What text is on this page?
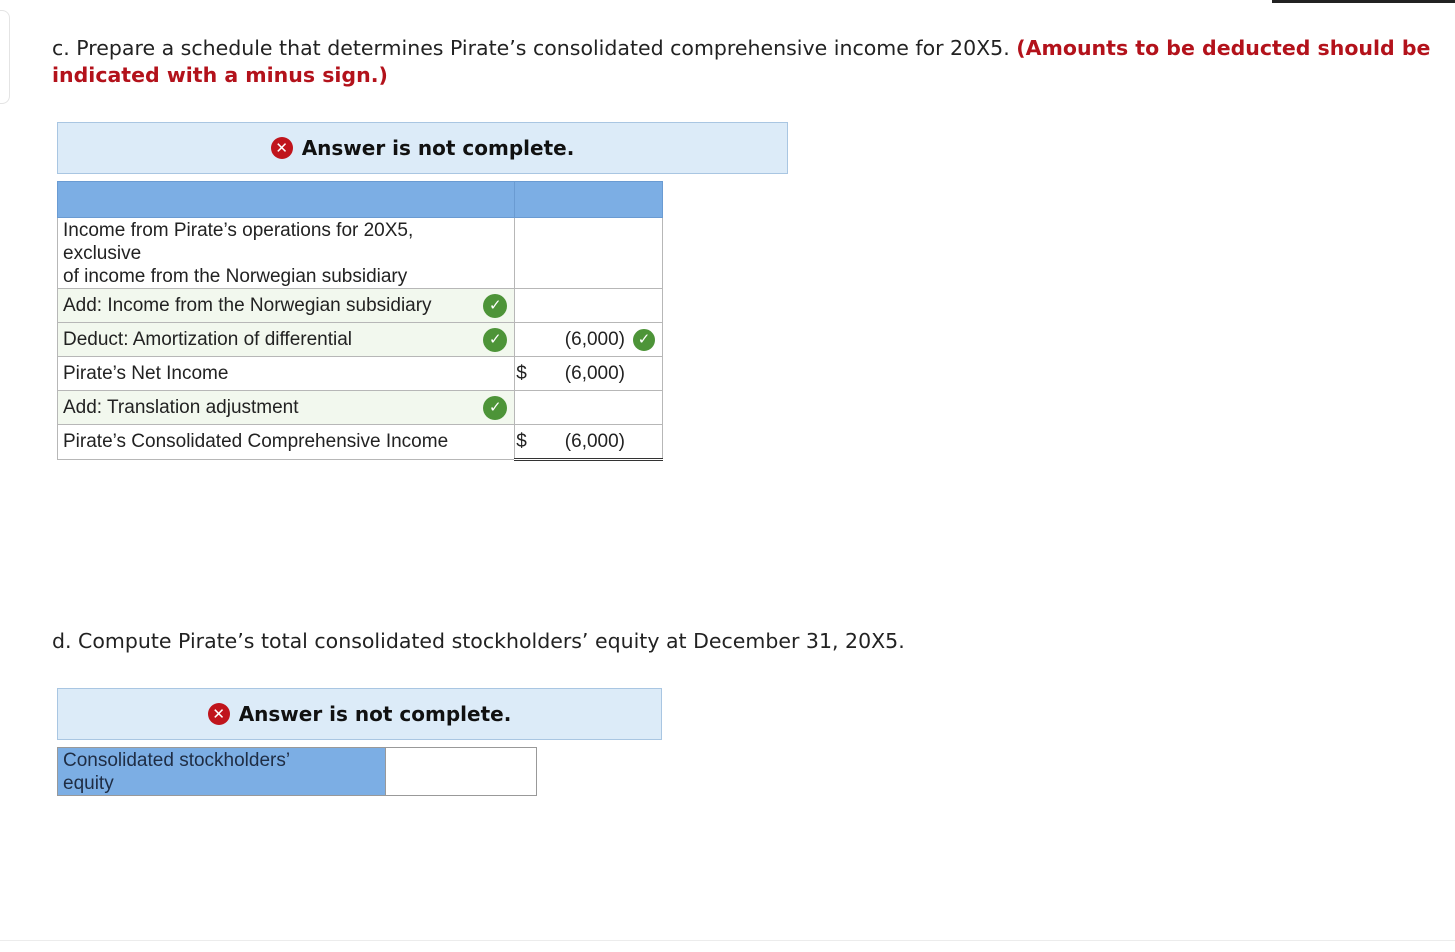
c. Prepare a schedule that determines Pirate’s consolidated comprehensive income for 20X5. (Amounts to be deducted should be indicated with a minus sign.)
✕ Answer is not complete.

Income from Pirate’s operations for 20X5,
exclusive
of income from the Norwegian subsidiary	

Add: Income from the Norwegian subsidiary ✓	

Deduct: Amortization of differential ✓	(6,000) ✓

Pirate’s Net Income	$ (6,000)

Add: Translation adjustment ✓	

Pirate’s Consolidated Comprehensive Income	$ (6,000)
d. Compute Pirate’s total consolidated stockholders’ equity at December 31, 20X5.
✕ Answer is not complete.
Consolidated stockholders’
equity
